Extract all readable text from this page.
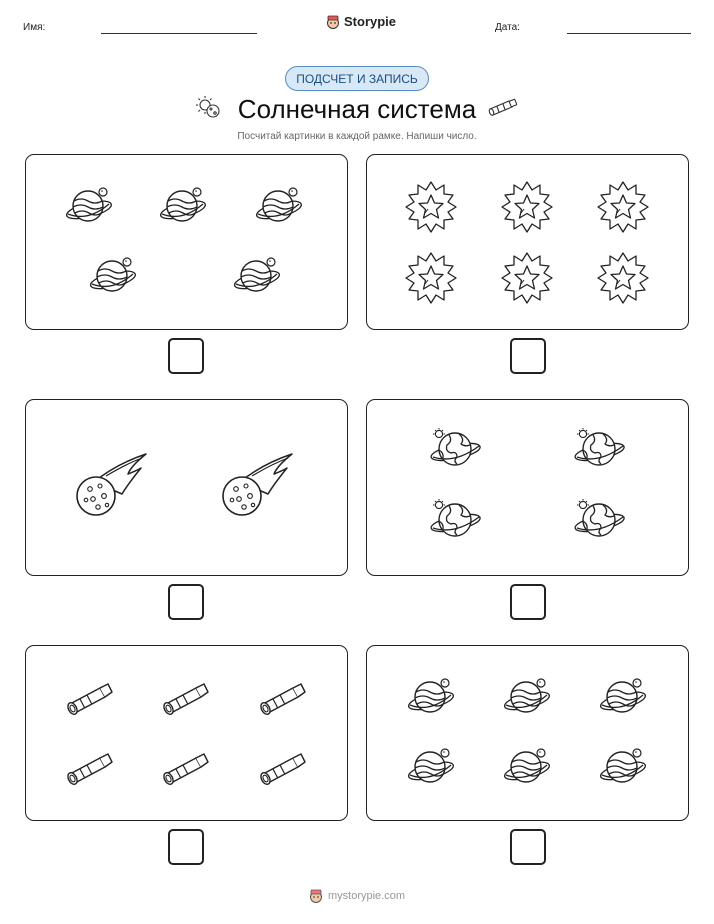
Имя:	Storypie	Дата:
ПОДСЧЕТ И ЗАПИСЬ
Солнечная система
Посчитай картинки в каждой рамке. Напиши число.
mystorypie.com
